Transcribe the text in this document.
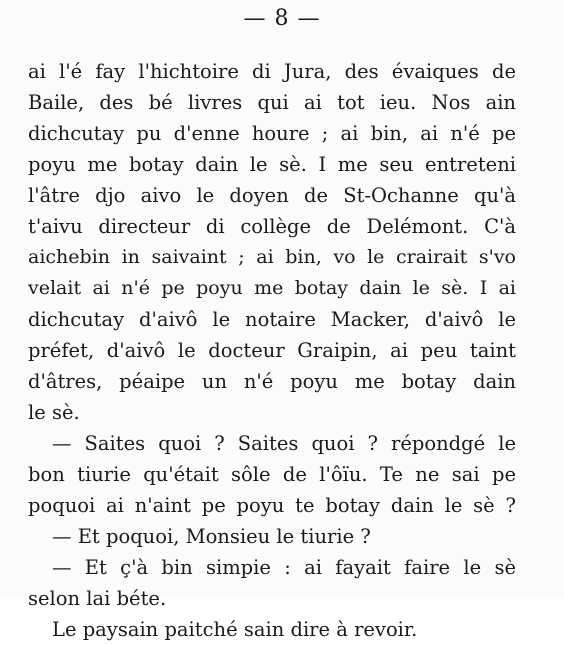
— 8 —
ai l'é fay l'hichtoire di Jura, des évaiques de
Baile, des bé livres qui ai tot ieu. Nos ain
dichcutay pu d'enne houre ; ai bin, ai n'é pe
poyu me botay dain le sè. I me seu entreteni
l'âtre djo aivo le doyen de St-Ochanne qu'à
t'aivu directeur di collège de Delémont. C'à
aichebin in saivaint ; ai bin, vo le crairait s'vo
velait ai n'é pe poyu me botay dain le sè. I ai
dichcutay d'aivô le notaire Macker, d'aivô le
préfet, d'aivô le docteur Graipin, ai peu taint
d'âtres, péaipe un n'é poyu me botay dain
le sè.
— Saites quoi ? Saites quoi ? répondgé le
bon tiurie qu'était sôle de l'ôïu. Te ne sai pe
poquoi ai n'aint pe poyu te botay dain le sè ?
— Et poquoi, Monsieu le tiurie ?
— Et ç'à bin simpie : ai fayait faire le sè
selon lai béte.
Le paysain paitché sain dire à revoir.
